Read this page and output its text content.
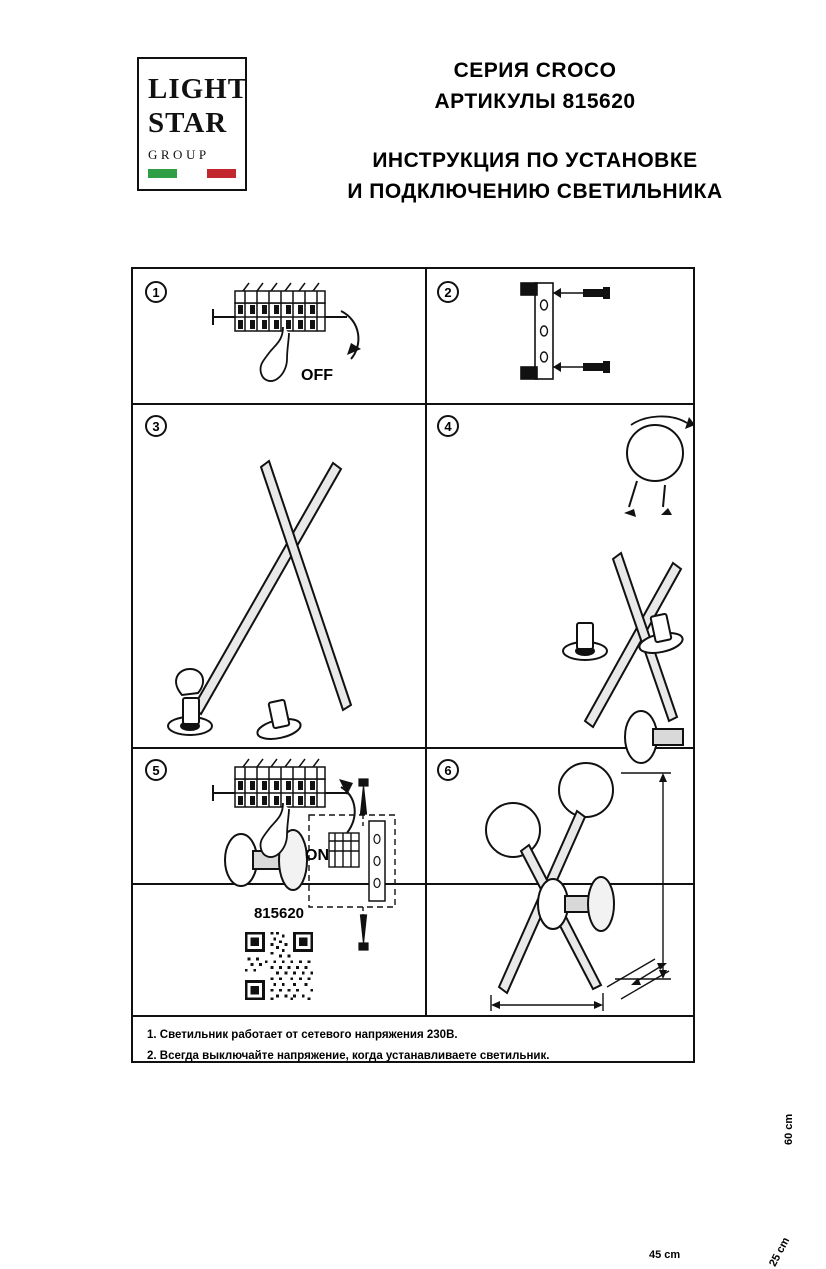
LIGHT
STAR
GROUP
СЕРИЯ CROCO
АРТИКУЛЫ 815620
ИНСТРУКЦИЯ ПО УСТАНОВКЕ
И ПОДКЛЮЧЕНИЮ СВЕТИЛЬНИКА
1
OFF
2
3	4
5
ON
6
60 cm
45 cm	25 cm
815620
1. Светильник работает от сетевого напряжения 230В.
2. Всегда выключайте напряжение, когда устанавливаете светильник.
